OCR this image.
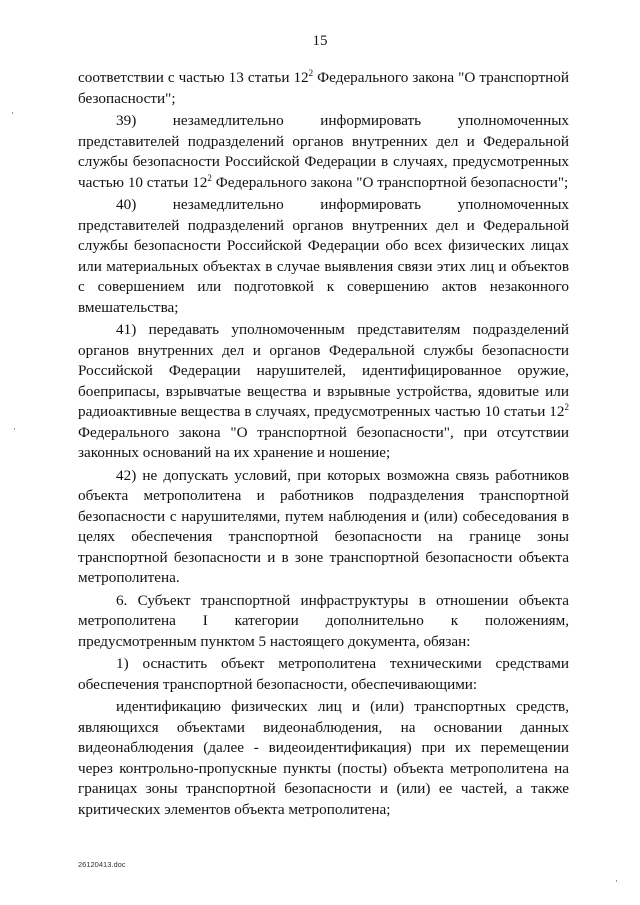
15

соответствии с частью 13 статьи $12^2$ Федерального закона "О транспортной безопасности";

39) незамедлительно информировать уполномоченных представителей подразделений органов внутренних дел и Федеральной службы безопасности Российской Федерации в случаях, предусмотренных частью 10 статьи $12^2$ Федерального закона "О транспортной безопасности";

40) незамедлительно информировать уполномоченных представителей подразделений органов внутренних дел и Федеральной службы безопасности Российской Федерации обо всех физических лицах или материальных объектах в случае выявления связи этих лиц и объектов с совершением или подготовкой к совершению актов незаконного вмешательства;

41) передавать уполномоченным представителям подразделений органов внутренних дел и органов Федеральной службы безопасности Российской Федерации нарушителей, идентифицированное оружие, боеприпасы, взрывчатые вещества и взрывные устройства, ядовитые или радиоактивные вещества в случаях, предусмотренных частью 10 статьи $12^2$ Федерального закона "О транспортной безопасности", при отсутствии законных оснований на их хранение и ношение;

42) не допускать условий, при которых возможна связь работников объекта метрополитена и работников подразделения транспортной безопасности с нарушителями, путем наблюдения и (или) собеседования в целях обеспечения транспортной безопасности на границе зоны транспортной безопасности и в зоне транспортной безопасности объекта метрополитена.

6. Субъект транспортной инфраструктуры в отношении объекта метрополитена I категории дополнительно к положениям, предусмотренным пунктом 5 настоящего документа, обязан:

1) оснастить объект метрополитена техническими средствами обеспечения транспортной безопасности, обеспечивающими:

идентификацию физических лиц и (или) транспортных средств, являющихся объектами видеонаблюдения, на основании данных видеонаблюдения (далее - видеоидентификация) при их перемещении через контрольно-пропускные пункты (посты) объекта метрополитена на границах зоны транспортной безопасности и (или) ее частей, а также критических элементов объекта метрополитена;

26120413.doc
